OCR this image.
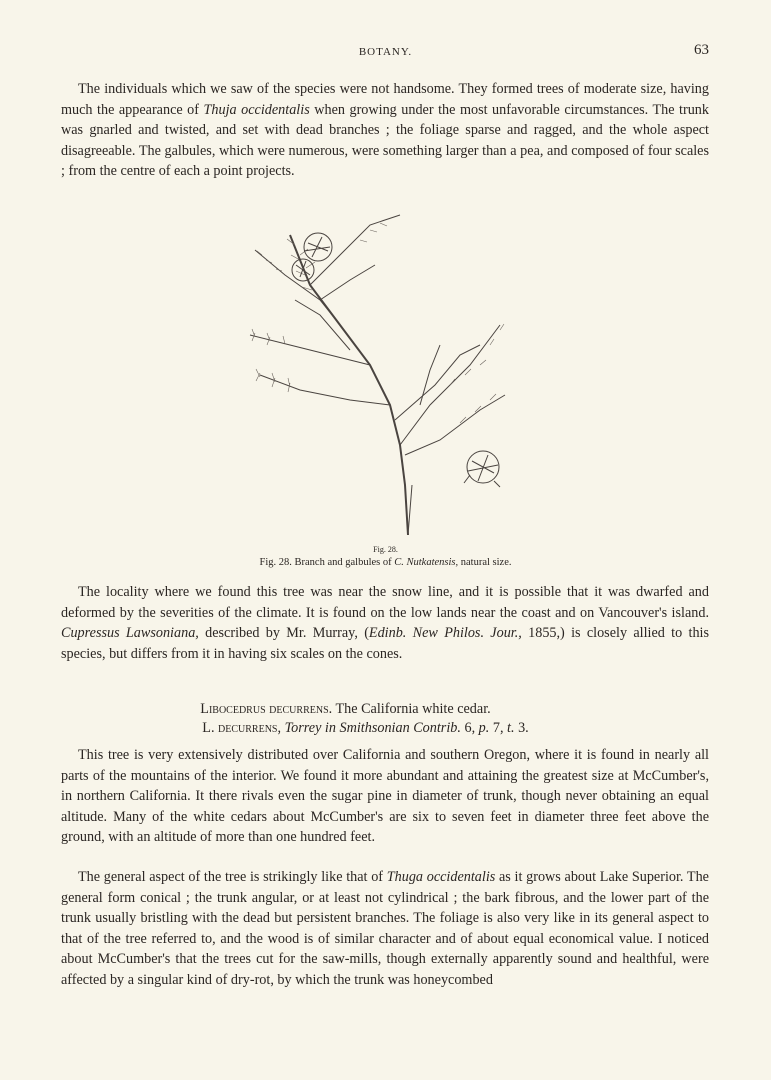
BOTANY.	63

The individuals which we saw of the species were not handsome. They formed trees of moderate size, having much the appearance of Thuja occidentalis when growing under the most unfavorable circumstances. The trunk was gnarled and twisted, and set with dead branches ; the foliage sparse and ragged, and the whole aspect disagreeable. The galbules, which were numerous, were something larger than a pea, and composed of four scales ; from the centre of each a point projects.

Fig. 28.
Fig. 28. Branch and galbules of C. Nutkatensis, natural size.

The locality where we found this tree was near the snow line, and it is possible that it was dwarfed and deformed by the severities of the climate. It is found on the low lands near the coast and on Vancouver's island. Cupressus Lawsoniana, described by Mr. Murray, (Edinb. New Philos. Jour., 1855,) is closely allied to this species, but differs from it in having six scales on the cones.

Libocedrus decurrens. The California white cedar.
L. decurrens, Torrey in Smithsonian Contrib. 6, p. 7, t. 3.

This tree is very extensively distributed over California and southern Oregon, where it is found in nearly all parts of the mountains of the interior. We found it more abundant and attaining the greatest size at McCumber's, in northern California. It there rivals even the sugar pine in diameter of trunk, though never obtaining an equal altitude. Many of the white cedars about McCumber's are six to seven feet in diameter three feet above the ground, with an altitude of more than one hundred feet.

The general aspect of the tree is strikingly like that of Thuga occidentalis as it grows about Lake Superior. The general form conical ; the trunk angular, or at least not cylindrical ; the bark fibrous, and the lower part of the trunk usually bristling with the dead but persistent branches. The foliage is also very like in its general aspect to that of the tree referred to, and the wood is of similar character and of about equal economical value. I noticed about McCumber's that the trees cut for the saw-mills, though externally apparently sound and healthful, were affected by a singular kind of dry-rot, by which the trunk was honeycombed
